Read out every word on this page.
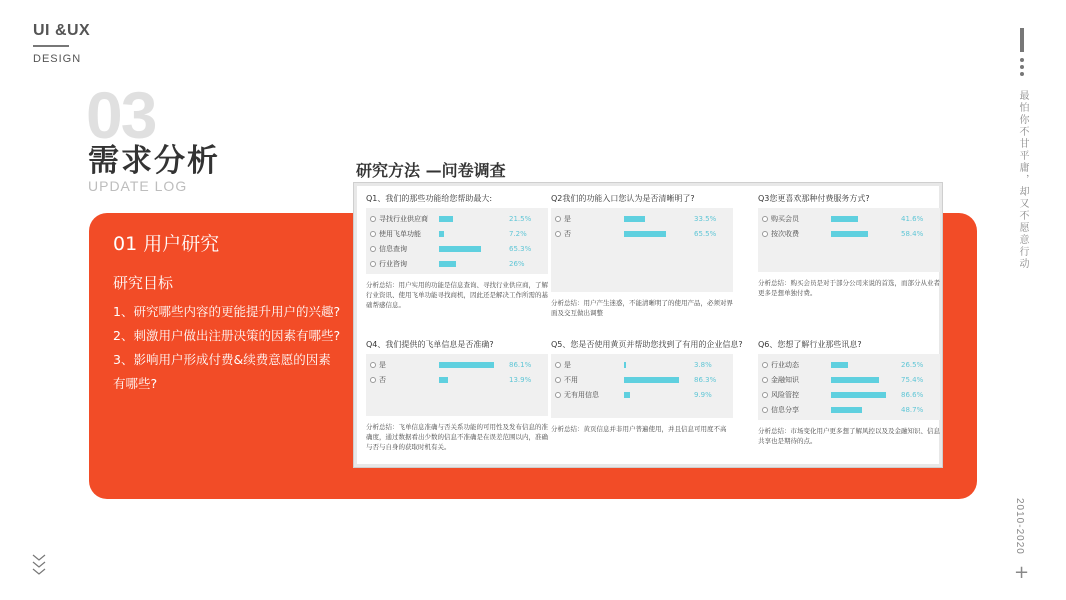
UI &UX
DESIGN
03
需求分析
UPDATE LOG
01 用户研究
研究目标
1、研究哪些内容的更能提升用户的兴趣?
2、刺激用户做出注册决策的因素有哪些?
3、影响用户形成付费&续费意愿的因素有哪些?
研究方法 —问卷调查
Q1、我们的那些功能给您帮助最大:
寻找行业供应商	21.5%
使用飞单功能	7.2%
信息查询	65.3%
行业咨询	26%
分析总结：用户实用的功能是信息查询、寻找行业供应商，了解行业资讯、使用飞单功能寻找商机，因此还是解决工作所需的基础帮感信息。
Q2我们的功能入口您认为是否清晰明了?
是	33.5%
否	65.5%
分析总结：用户产生迷惑，不能清晰明了的使用产品，必须对界面及交互做出调整
Q3您更喜欢那种付费服务方式?
购买会员	41.6%
按次收费	58.4%
分析总结：购买会员是对于部分公司来说的首选，而部分从业者更多是想单独付费。
Q4、我们提供的飞单信息是否准确?
是	86.1%
否	13.9%
分析总结：飞单信息准确与否关系功能的可用性及发布信息的准确度，通过数据看出少数的信息不准确是在误差范围以内，准确与否与自身的获取时机有关。
Q5、您是否使用黄页并帮助您找到了有用的企业信息?
是	3.8%
不用	86.3%
无有用信息	9.9%
分析总结：黄页信息并非用户普遍使用，并且信息可用度不高
Q6、您想了解行业那些讯息?
行业动态	26.5%
金融知识	75.4%
风险管控	86.6%
信息分享	48.7%
分析总结：市场变化用户更多想了解风控以及及金融知识、信息共享也是期待的点。
最怕你不甘平庸，却又不愿意行动
2010-2020
+
